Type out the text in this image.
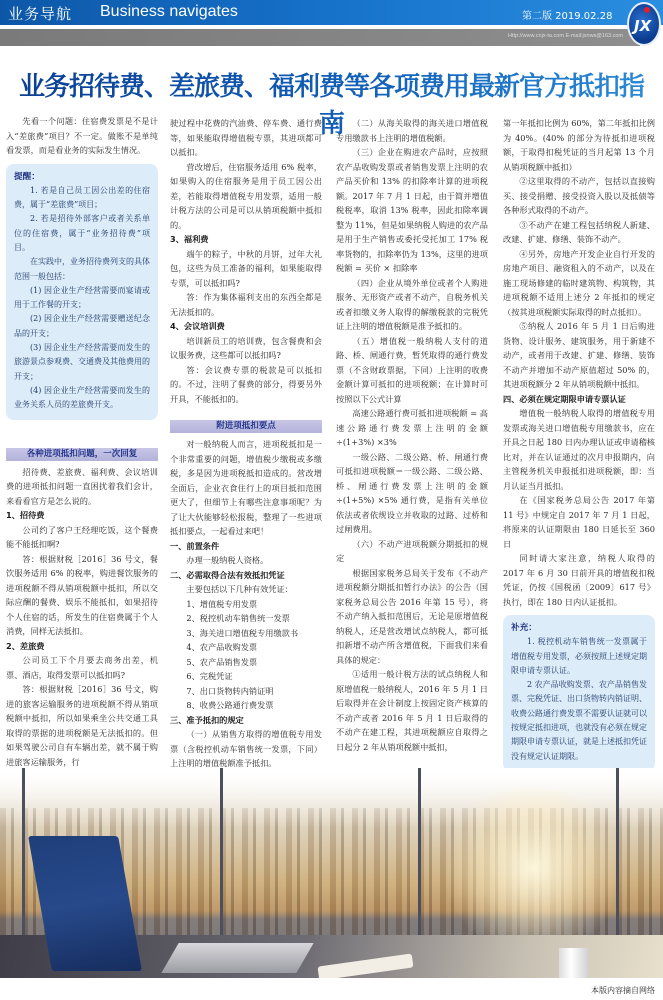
业务导航 Business navigates	第二版 2019.02.28
Http://www.cnjx-ta.com E-mail:jxnws@163.com
JX
业务招待费、差旅费、福利费等各项费用最新官方抵扣指南

先看一个问题：住宿费发票是不是计入“差旅费”项目？不一定。做账不是单纯看发票，而是看业务的实际发生情况。

提醒：

1. 若是自己员工因公出差的住宿费，属于“差旅费”项目；

2. 若是招待外部客户或者关系单位的住宿费，属于“业务招待费”项目。

在实践中，业务招待费列支的具体范围一般包括：

(1) 因企业生产经营需要而宴请或用于工作餐的开支；

(2) 因企业生产经营需要赠送纪念品的开支；

(3) 因企业生产经营需要而发生的旅游景点参观费、交通费及其他费用的开支；

(4) 因企业生产经营需要而发生的业务关系人员的差旅费开支。

各种进项抵扣问题，一次回复

招待费、差旅费、福利费、会议培训费的进项抵扣问题一直困扰着我们会计，来看看官方是怎么说的。

1、招待费

公司约了客户王经理吃饭，这个餐费能不能抵扣啊?

答：根据财税［2016］36 号文，餐饮服务适用 6% 的税率，购进餐饮服务的进项税额不得从销项税额中抵扣，所以交际应酬的餐费、娱乐不能抵扣，如果招待个人住宿的话，所发生的住宿费属于个人消费，同样无法抵扣。

2、差旅费

公司员工下个月要去商务出差，机票、酒店，取得发票可以抵扣吗?

答：根据财税［2016］36 号文，购进的旅客运输服务的进项税额不得从销项税额中抵扣，所以如果乘坐公共交通工具取得的票据的进项税额是无法抵扣的。但如果驾驶公司自有车辆出差，就不属于购进旅客运输服务，行

驶过程中花费的汽油费、停车费、通行费等，如果能取得增值税专票，其进项都可以抵扣。

营改增后，住宿服务适用 6% 税率，如果购入的住宿服务是用于员工因公出差，若能取得增值税专用发票，适用一般计税方法的公司是可以从销项税额中抵扣的。

3、福利费

端午的粽子，中秋的月饼，过年大礼包，这些为员工准备的福利，如果能取得专票，可以抵扣吗?

答：作为集体福利支出的东西全都是无法抵扣的。

4、会议培训费

培训新员工的培训费，包含餐费和会议服务费，这些都可以抵扣吗?

答：会议费专票的税款是可以抵扣的。不过，注明了餐费的部分，得要另外开具，不能抵扣的。

附进项抵扣要点

对一般纳税人而言，进项税抵扣是一个非常重要的问题，增值税少缴税或多缴税，多是因为进项税抵扣造成的。营改增全面后，企业衣食住行上的项目抵扣范围更大了，但细节上有哪些注意事项呢？为了让大伙能够轻松报税，整理了一些进项抵扣要点，一起看过来吧！

一、前置条件

办理一般纳税人资格。

二、必需取得合法有效抵扣凭证

主要包括以下几种有效凭证：

1、增值税专用发票

2、税控机动车销售统一发票

3、海关进口增值税专用缴款书

4、农产品收购发票

5、农产品销售发票

6、完税凭证

7、出口货物转内销证明

8、收费公路通行费发票

三、准予抵扣的规定

（一）从销售方取得的增值税专用发票（含税控机动车销售统一发票，下同）上注明的增值税额准予抵扣。

（二）从海关取得的海关进口增值税专用缴款书上注明的增值税额。

（三）企业在购进农产品时，应按照农产品收购发票或者销售发票上注明的农产品买价和 13% 的扣除率计算的进项税额。2017 年 7 月 1 日起，由于简并增值税税率，取消 13% 税率，因此扣除率调整为 11%，但是如果纳税人购进的农产品是用于生产销售或委托受托加工 17% 税率货物的，扣除率仍为 13%，这里的进项税额 = 买价 × 扣除率

（四）企业从境外单位或者个人购进服务、无形资产或者不动产，自税务机关或者扣缴义务人取得的解缴税款的完税凭证上注明的增值税额是准予抵扣的。

（五）增值税一般纳税人支付的道路、桥、闸通行费，暂凭取得的通行费发票（不含财政票据，下同）上注明的收费金额计算可抵扣的进项税额；在计算时可按照以下公式计算

高速公路通行费可抵扣进项税额 = 高速公路通行费发票上注明的金额 ÷(1+3%) ×3%

一级公路、二级公路、桥、闸通行费可抵扣进项税额＝一级公路、二级公路、桥、闸通行费发票上注明的金额 ÷(1+5%) ×5% 通行费，是指有关单位依法或者依规设立并收取的过路、过桥和过闸费用。

（六）不动产进项税额分期抵扣的规定

根据国家税务总局关于发布《不动产进项税额分期抵扣暂行办法》的公告（国家税务总局公告 2016 年第 15 号），将不动产纳入抵扣范围后，无论是原增值税纳税人，还是营改增试点纳税人，都可抵扣新增不动产所含增值税，下面我们来看具体的规定：

①适用一般计税方法的试点纳税人和原增值税一般纳税人，2016 年 5 月 1 日后取得并在会计制度上按固定资产核算的不动产或者 2016 年 5 月 1 日后取得的不动产在建工程，其进项税额应自取得之日起分 2 年从销项税额中抵扣，

第一年抵扣比例为 60%，第二年抵扣比例为 40%。(40% 的部分为待抵扣进项税额，于取得扣税凭证的当月起第 13 个月从销项税额中抵扣）

②这里取得的不动产，包括以直接购买、接受捐赠、接受投资入股以及抵债等各种形式取得的不动产。

③不动产在建工程包括纳税人新建、改建、扩建、修缮、装饰不动产。

④另外，房地产开发企业自行开发的房地产项目、融资租入的不动产，以及在施工现场修建的临时建筑物、构筑物，其进项税额不适用上述分 2 年抵扣的规定（按其进项税额实际取得的时点抵扣）。

⑤纳税人 2016 年 5 月 1 日后购进货物、设计服务、建筑服务，用于新建不动产，或者用于改建、扩建、修缮、装饰不动产并增加不动产原值超过 50% 的，其进项税额分 2 年从销项税额中抵扣。

四、必须在规定期限申请专票认证

增值税一般纳税人取得的增值税专用发票或海关进口增值税专用缴款书，应在开具之日起 180 日内办理认证或申请稽核比对，并在认证通过的次月申报期内，向主管税务机关申报抵扣进项税额，即：当月认证当月抵扣。

在《国家税务总局公告 2017 年第 11 号》中规定自 2017 年 7 月 1 日起，将原来的认证期限由 180 日延长至 360 日

同时请大家注意，纳税人取得的 2017 年 6 月 30 日前开具的增值税扣税凭证，仍按《国税函〔2009〕617 号》执行，即在 180 日内认证抵扣。

补充：

1. 税控机动车销售统一发票属于增值税专用发票，必须按照上述规定期限申请专票认证。

2 农产品收购发票、农产品销售发票、完税凭证、出口货物转内销证明、收费公路通行费发票不需要认证就可以按规定抵扣进项，也就没有必须在规定期限申请专票认证，就是上述抵扣凭证没有规定认证期限。

本版内容摘自网络
